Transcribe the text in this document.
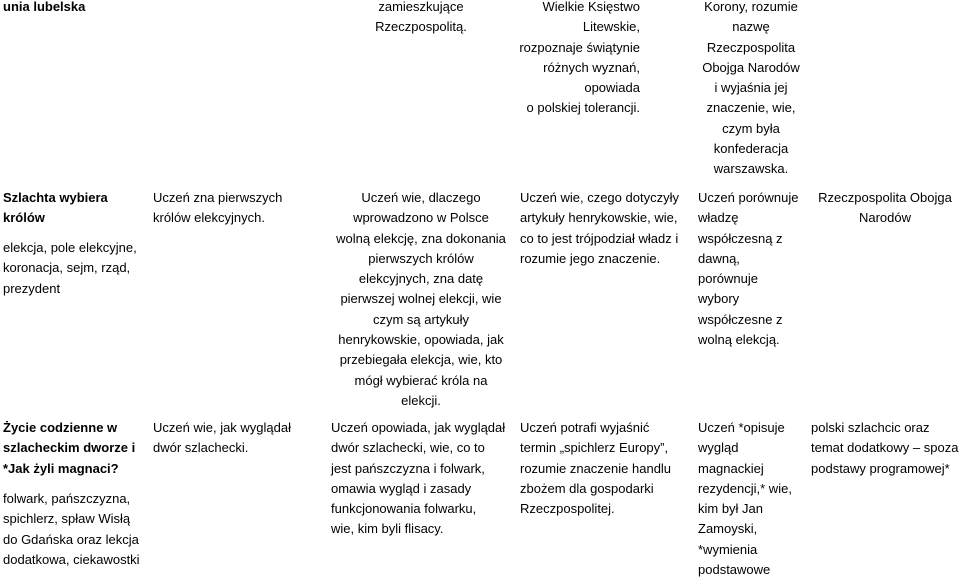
unia lubelska	zamieszkujące
Rzeczpospolitą.
Wielkie Księstwo Litewskie,
rozpoznaje świątynie
różnych wyznań, opowiada
o polskiej tolerancji.
Korony, rozumie
nazwę
Rzeczpospolita
Obojga Narodów
i wyjaśnia jej
znaczenie, wie,
czym była
konfederacja
warszawska.
Szlachta wybiera
królów
elekcja, pole elekcyjne,
koronacja, sejm, rząd,
prezydent
Uczeń zna pierwszych
królów elekcyjnych.
Uczeń wie, dlaczego
wprowadzono w Polsce
wolną elekcję, zna dokonania
pierwszych królów
elekcyjnych, zna datę
pierwszej wolnej elekcji, wie
czym są artykuły
henrykowskie, opowiada, jak
przebiegała elekcja, wie, kto
mógł wybierać króla na
elekcji.
Uczeń wie, czego dotyczyły
artykuły henrykowskie, wie,
co to jest trójpodział władz i
rozumie jego znaczenie.
Uczeń porównuje
władzę
współczesną z
dawną,
porównuje
wybory
współczesne z
wolną elekcją.
Rzeczpospolita Obojga
Narodów
Życie codzienne w
szlacheckim dworze i
*Jak żyli magnaci?
folwark, pańszczyzna,
spichlerz, spław Wisłą
do Gdańska oraz lekcja
dodatkowa, ciekawostki
Uczeń wie, jak wyglądał
dwór szlachecki.
Uczeń opowiada, jak wyglądał
dwór szlachecki, wie, co to
jest pańszczyzna i folwark,
omawia wygląd i zasady
funkcjonowania folwarku,
wie, kim byli flisacy.
Uczeń potrafi wyjaśnić
termin „spichlerz Europy”,
rozumie znaczenie handlu
zbożem dla gospodarki
Rzeczpospolitej.
Uczeń *opisuje
wygląd
magnackiej
rezydencji,* wie,
kim był Jan
Zamoyski,
*wymienia
podstawowe
polski szlachcic oraz
temat dodatkowy – spoza
podstawy programowej*
